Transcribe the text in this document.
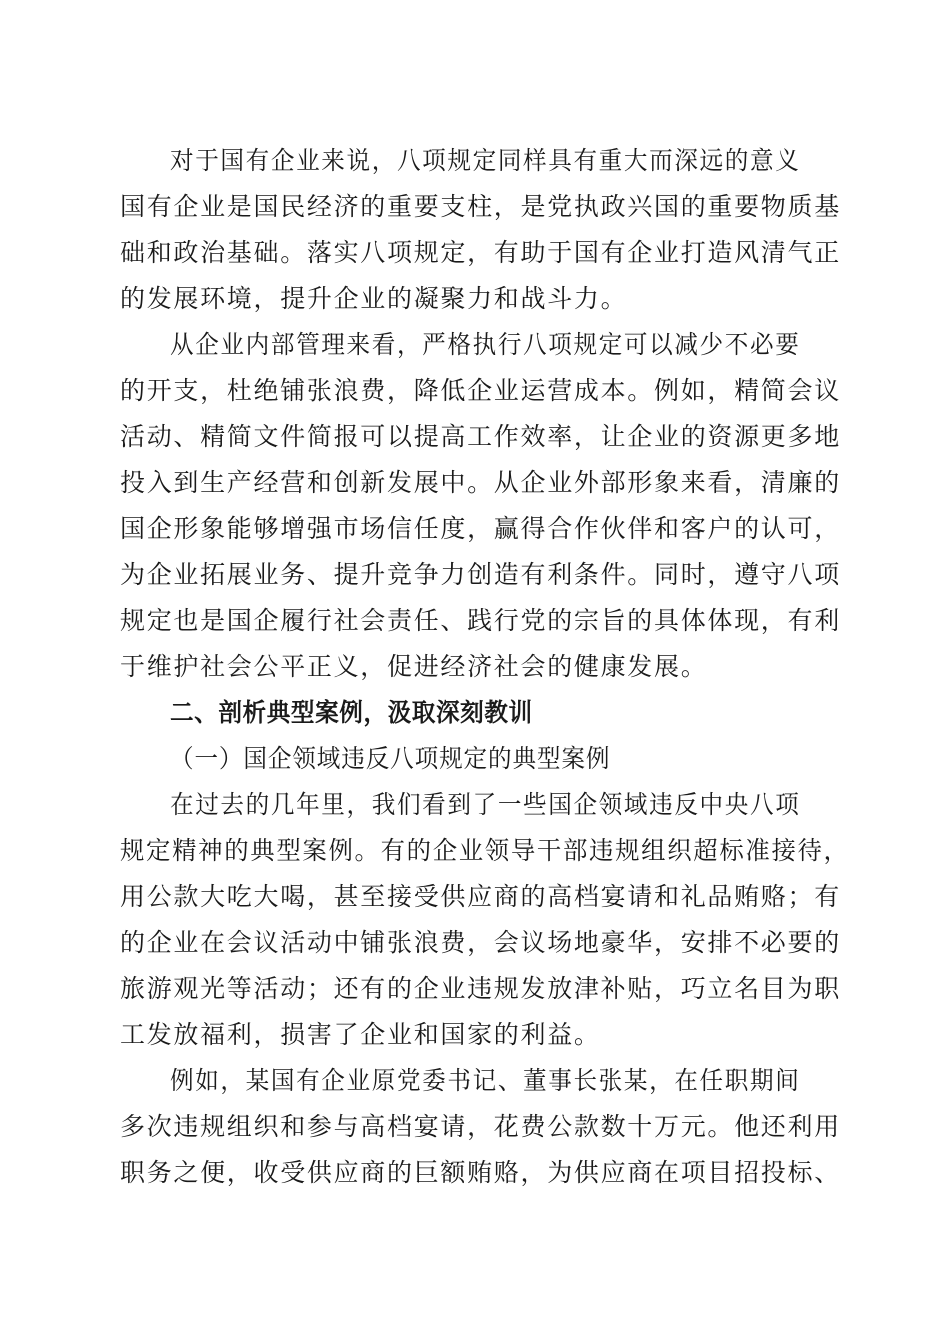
对于国有企业来说，八项规定同样具有重大而深远的意义
国有企业是国民经济的重要支柱，是党执政兴国的重要物质基
础和政治基础。落实八项规定，有助于国有企业打造风清气正
的发展环境，提升企业的凝聚力和战斗力。
从企业内部管理来看，严格执行八项规定可以减少不必要
的开支，杜绝铺张浪费，降低企业运营成本。例如，精简会议
活动、精简文件简报可以提高工作效率，让企业的资源更多地
投入到生产经营和创新发展中。从企业外部形象来看，清廉的
国企形象能够增强市场信任度，赢得合作伙伴和客户的认可，
为企业拓展业务、提升竞争力创造有利条件。同时，遵守八项
规定也是国企履行社会责任、践行党的宗旨的具体体现，有利
于维护社会公平正义，促进经济社会的健康发展。
二、剖析典型案例，汲取深刻教训
（一）国企领域违反八项规定的典型案例
在过去的几年里，我们看到了一些国企领域违反中央八项
规定精神的典型案例。有的企业领导干部违规组织超标准接待，
用公款大吃大喝，甚至接受供应商的高档宴请和礼品贿赂；有
的企业在会议活动中铺张浪费，会议场地豪华，安排不必要的
旅游观光等活动；还有的企业违规发放津补贴，巧立名目为职
工发放福利，损害了企业和国家的利益。
例如，某国有企业原党委书记、董事长张某，在任职期间
多次违规组织和参与高档宴请，花费公款数十万元。他还利用
职务之便，收受供应商的巨额贿赂，为供应商在项目招投标、
